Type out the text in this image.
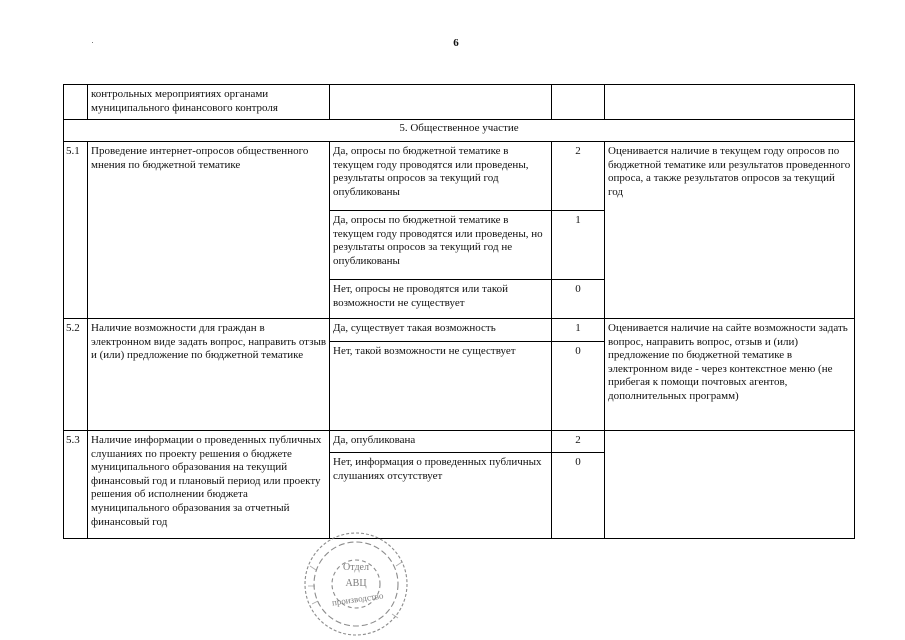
6
	контрольных мероприятиях органами муниципального финансового контроля			
5. Общественное участие				
5.1	Проведение интернет-опросов общественного мнения по бюджетной тематике	Да, опросы по бюджетной тематике в текущем году проводятся или проведены, результаты опросов за текущий год опубликованы	2	Оценивается наличие в текущем году опросов по бюджетной тематике или результатов проведенного опроса, а также результатов опросов за текущий год
		Да, опросы по бюджетной тематике в текущем году проводятся или проведены, но результаты опросов за текущий год не опубликованы	1	
		Нет, опросы не проводятся или такой возможности не существует	0	
5.2	Наличие возможности для граждан в электронном виде задать вопрос, направить отзыв и (или) предложение по бюджетной тематике	Да, существует такая возможность	1	Оценивается наличие на сайте возможности задать вопрос, направить вопрос, отзыв и (или) предложение по бюджетной тематике в электронном виде - через контекстное меню (не прибегая к помощи почтовых агентов, дополнительных программ)
		Нет, такой возможности не существует	0	
5.3	Наличие информации о проведенных публичных слушаниях по проекту решения о бюджете муниципального образования на текущий финансовый год и плановый период или проекту решения об исполнении бюджета муниципального образования за отчетный финансовый год	Да, опубликована	2	
		Нет, информация о проведенных публичных слушаниях отсутствует	0	
Отдел
АВЦ
производство
